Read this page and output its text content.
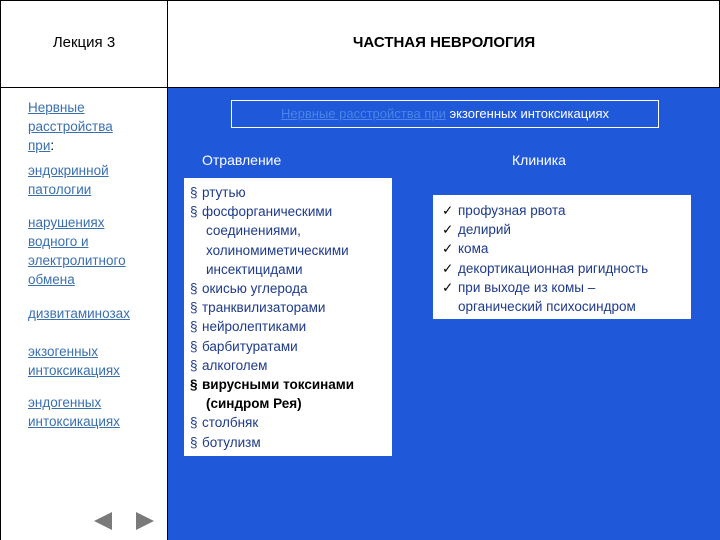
Лекция 3	ЧАСТНАЯ НЕВРОЛОГИЯ
Нервные
расстройства
при:
эндокринной
патологии
нарушениях
водного и
электролитного
обмена
дизвитаминозах
экзогенных
интоксикациях
эндогенных
интоксикациях
Нервные расстройства при экзогенных интоксикациях
Отравление	Клиника
§ ртутью
§ фосфорганическими
соединениями,
холиномиметическими
инсектицидами
§ окисью углерода
§ транквилизаторами
§ нейролептиками
§ барбитуратами
§ алкоголем
§ вирусными токсинами
(синдром Рея)
§ столбняк
§ ботулизм
✓ профузная рвота
✓ делирий
✓ кома
✓ декортикационная ригидность
✓ при выходе из комы –
органический психосиндром
